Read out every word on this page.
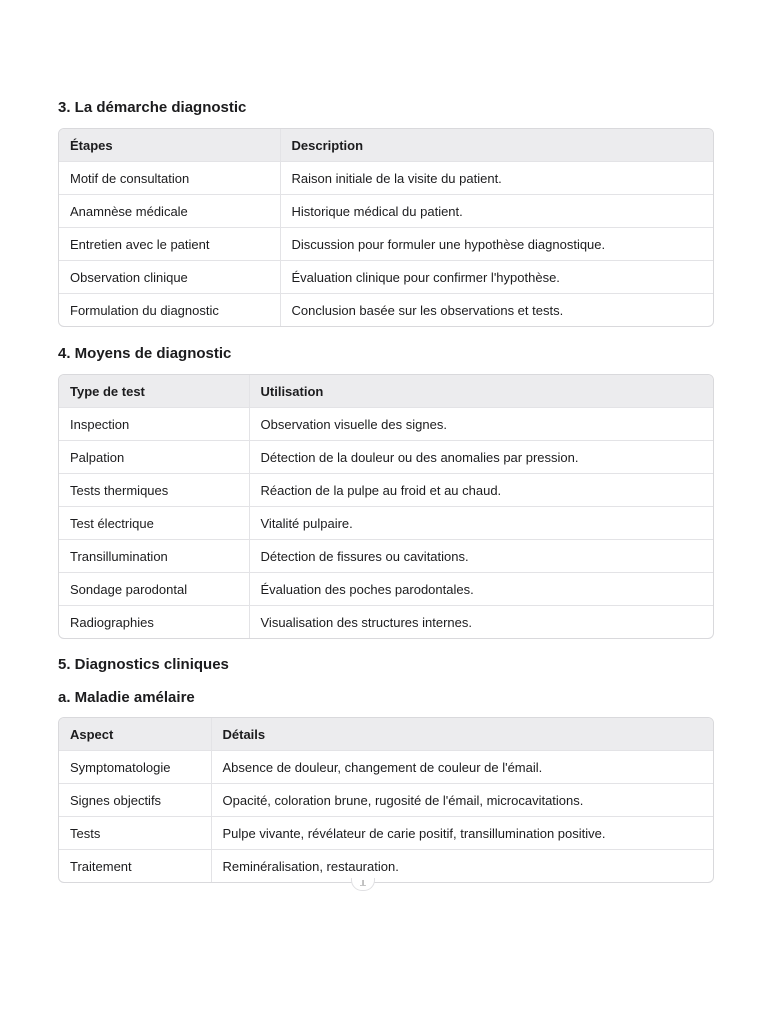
3. La démarche diagnostic
Étapes	Description
Motif de consultation	Raison initiale de la visite du patient.
Anamnèse médicale	Historique médical du patient.
Entretien avec le patient	Discussion pour formuler une hypothèse diagnostique.
Observation clinique	Évaluation clinique pour confirmer l'hypothèse.
Formulation du diagnostic	Conclusion basée sur les observations et tests.
4. Moyens de diagnostic
Type de test	Utilisation
Inspection	Observation visuelle des signes.
Palpation	Détection de la douleur ou des anomalies par pression.
Tests thermiques	Réaction de la pulpe au froid et au chaud.
Test électrique	Vitalité pulpaire.
Transillumination	Détection de fissures ou cavitations.
Sondage parodontal	Évaluation des poches parodontales.
Radiographies	Visualisation des structures internes.
5. Diagnostics cliniques
a. Maladie amélaire
Aspect	Détails
Symptomatologie	Absence de douleur, changement de couleur de l'émail.
Signes objectifs	Opacité, coloration brune, rugosité de l'émail, microcavitations.
Tests	Pulpe vivante, révélateur de carie positif, transillumination positive.
Traitement	Reminéralisation, restauration.
.l.
